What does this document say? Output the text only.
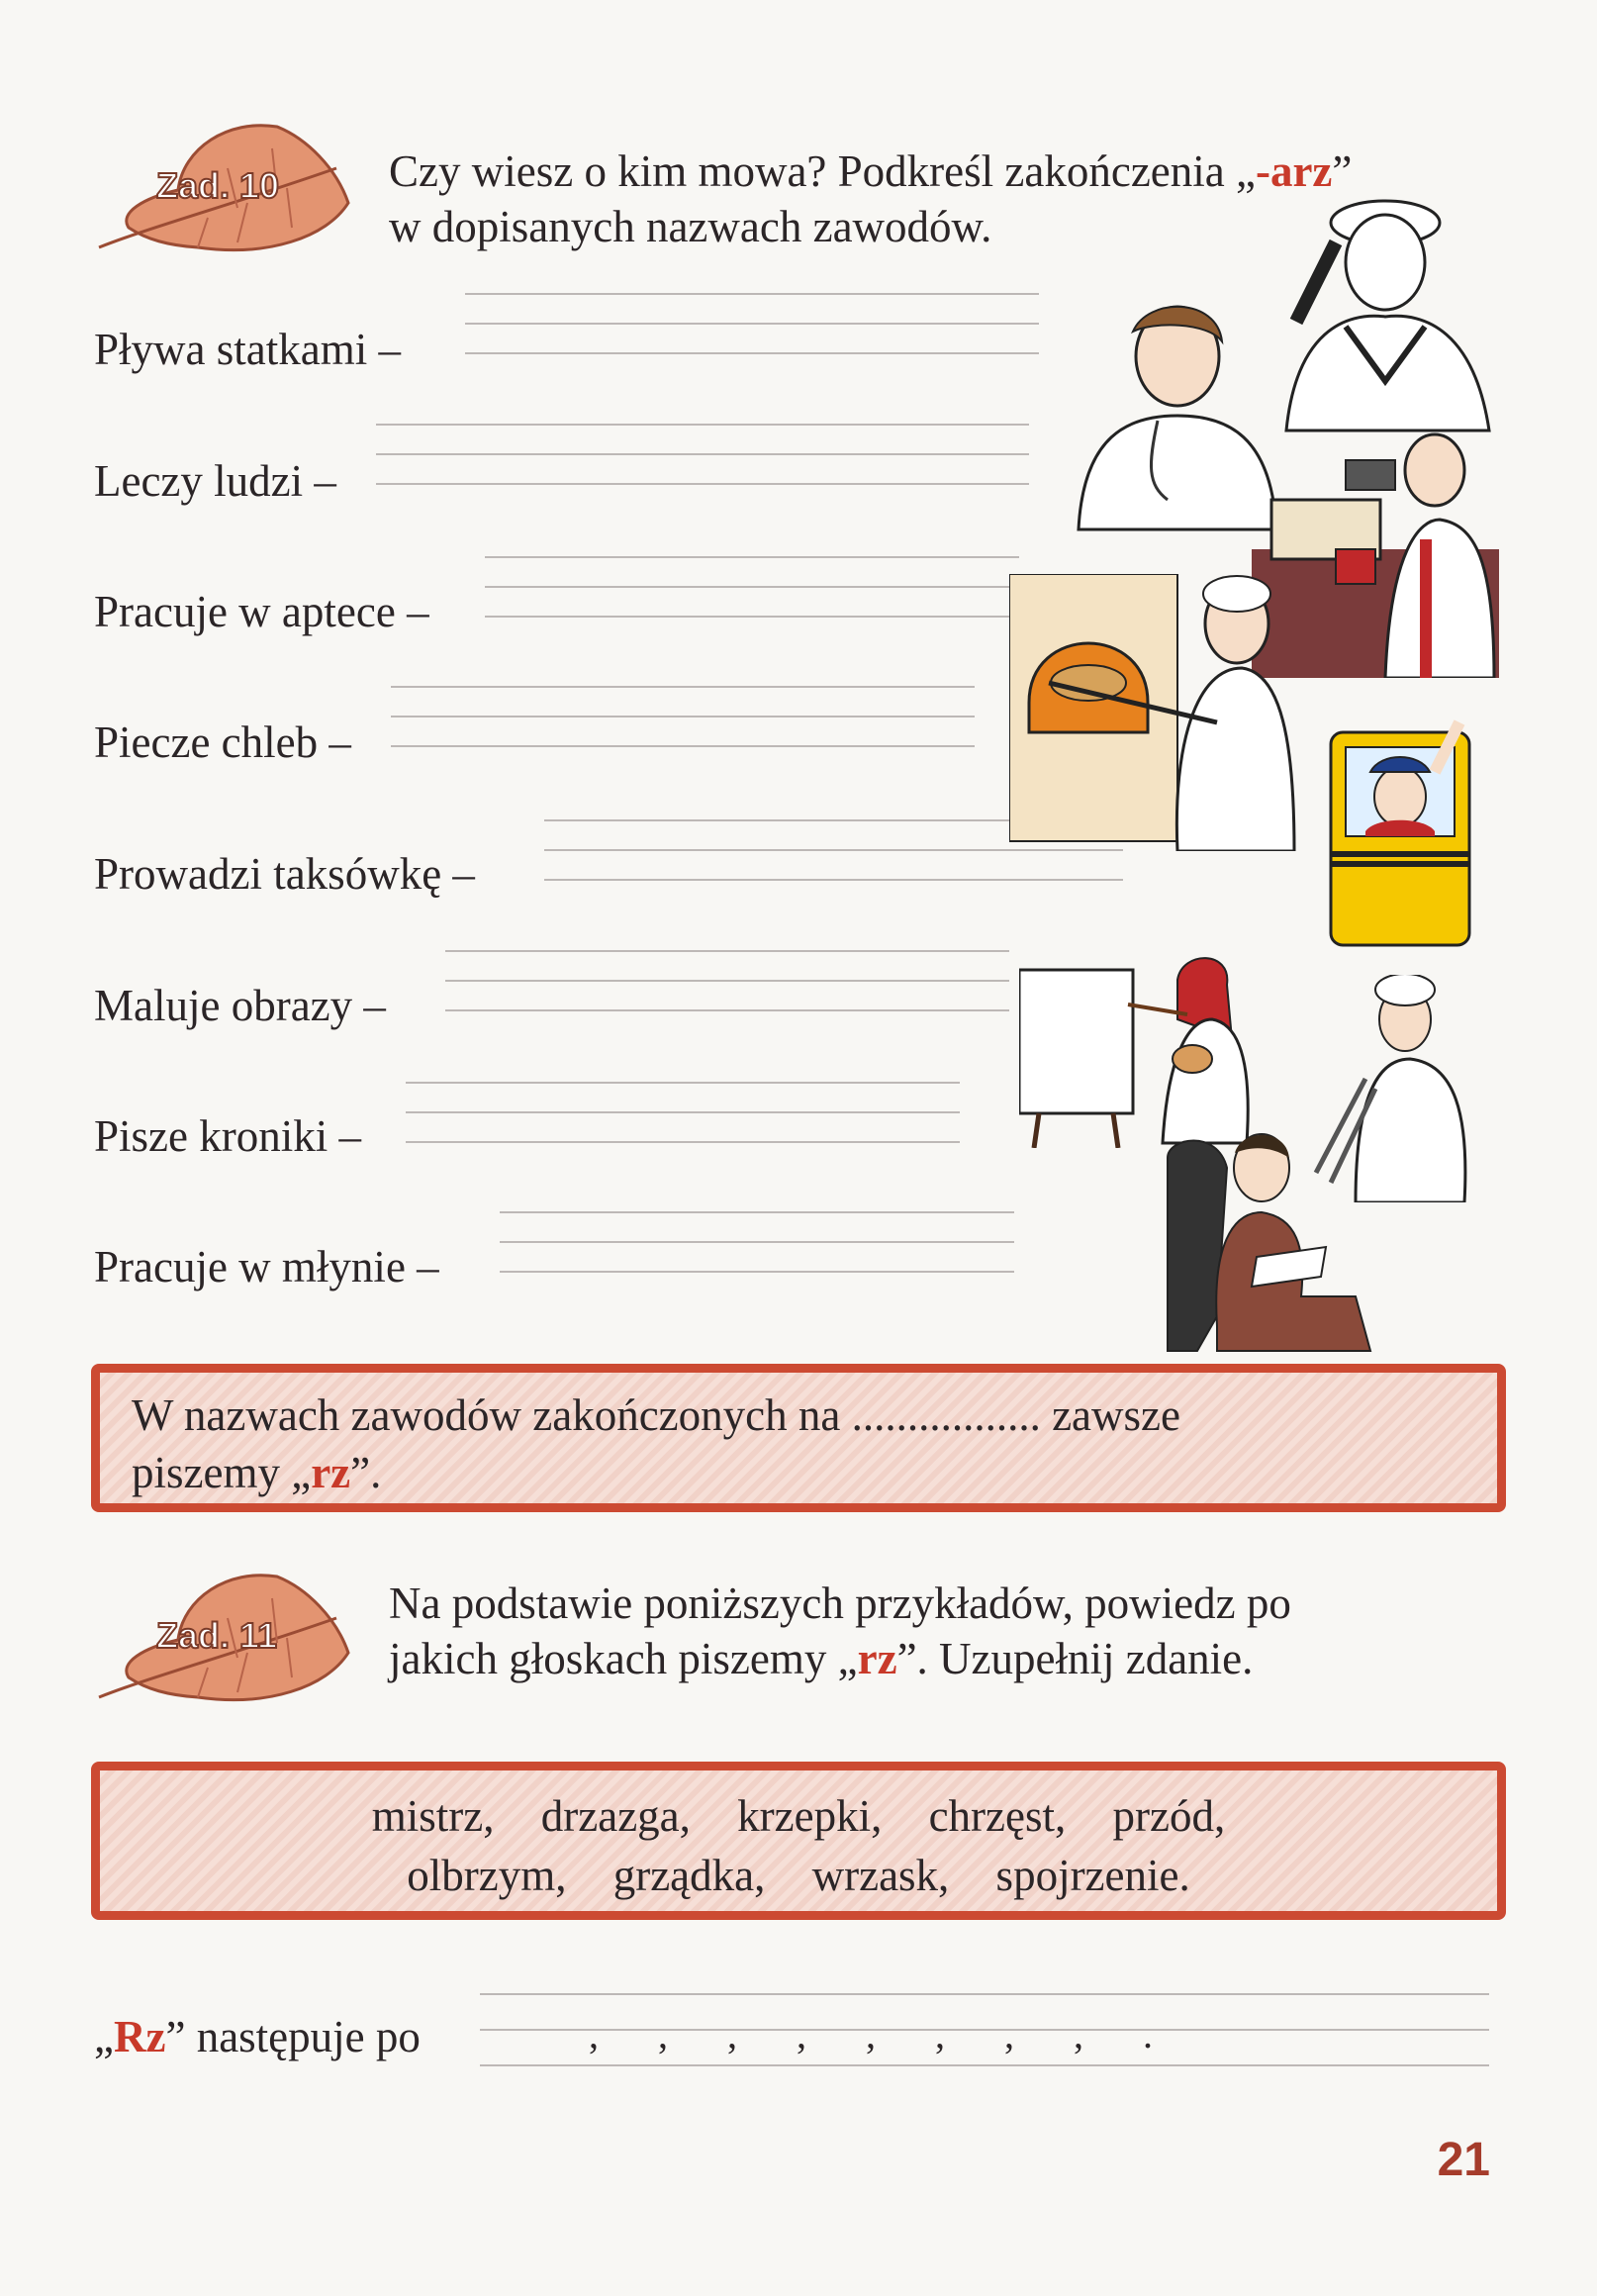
Zad. 10 Czy wiesz o kim mowa? Podkreśl zakończenia „-arz”
w dopisanych nazwach zawodów.
Pływa statkami –
Leczy ludzi –
Pracuje w aptece –
Piecze chleb –
Prowadzi taksówkę –
Maluje obrazy –
Pisze kroniki –
Pracuje w młynie –
W nazwach zawodów zakończonych na ................. zawsze
piszemy „rz”.
Zad. 11
Na podstawie poniższych przykładów, powiedz po
jakich głoskach piszemy „rz”. Uzupełnij zdanie.
mistrz, drzazga, krzepki, chrzęst, przód,
olbrzym, grządka, wrzask, spojrzenie.
„Rz” następuje po	,      ,      ,      ,      ,      ,      ,      ,      .
21
